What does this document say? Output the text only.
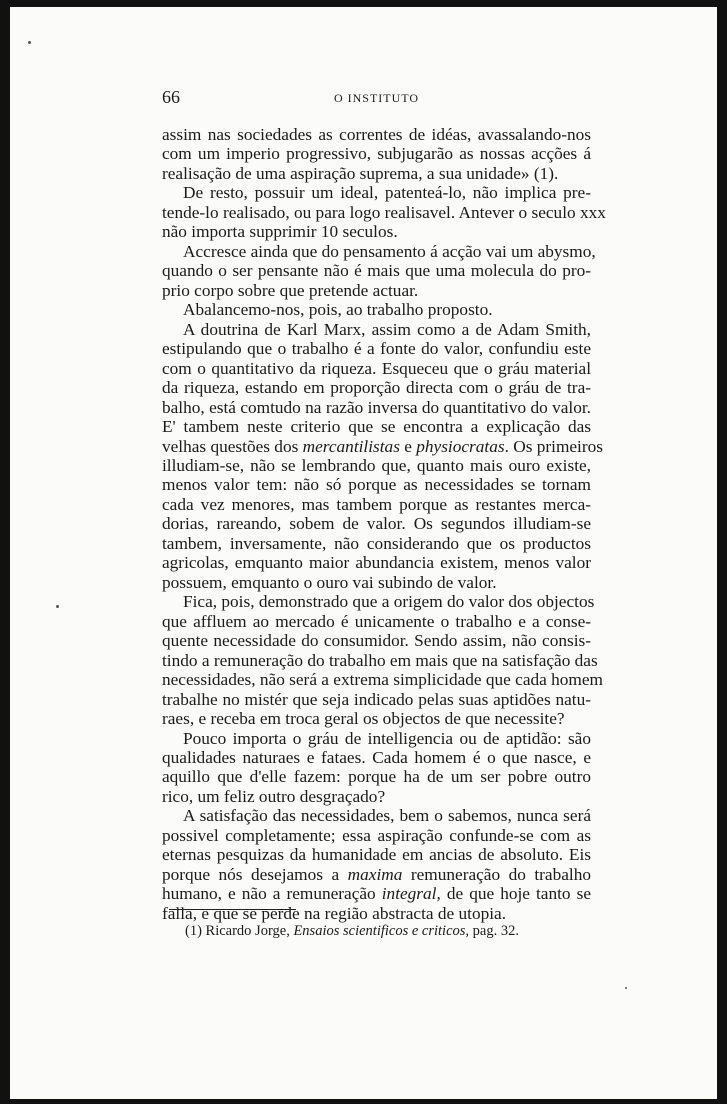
66	O INSTITUTO
assim nas sociedades as correntes de idéas, avassalando-nos
com um imperio progressivo, subjugarão as nossas acções á
realisação de uma aspiração suprema, a sua unidade» (1).
De resto, possuir um ideal, patenteá-lo, não implica pre-
tende-lo realisado, ou para logo realisavel. Antever o seculo xxx
não importa supprimir 10 seculos.
Accresce ainda que do pensamento á acção vai um abysmo,
quando o ser pensante não é mais que uma molecula do pro-
prio corpo sobre que pretende actuar.
Abalancemo-nos, pois, ao trabalho proposto.
A doutrina de Karl Marx, assim como a de Adam Smith,
estipulando que o trabalho é a fonte do valor, confundiu este
com o quantitativo da riqueza. Esqueceu que o gráu material
da riqueza, estando em proporção directa com o gráu de tra-
balho, está comtudo na razão inversa do quantitativo do valor.
E' tambem neste criterio que se encontra a explicação das
velhas questões dos mercantilistas e physiocratas. Os primeiros
illudiam-se, não se lembrando que, quanto mais ouro existe,
menos valor tem: não só porque as necessidades se tornam
cada vez menores, mas tambem porque as restantes merca-
dorias, rareando, sobem de valor. Os segundos illudiam-se
tambem, inversamente, não considerando que os productos
agricolas, emquanto maior abundancia existem, menos valor
possuem, emquanto o ouro vai subindo de valor.
Fica, pois, demonstrado que a origem do valor dos objectos
que affluem ao mercado é unicamente o trabalho e a conse-
quente necessidade do consumidor. Sendo assim, não consis-
tindo a remuneração do trabalho em mais que na satisfação das
necessidades, não será a extrema simplicidade que cada homem
trabalhe no mistér que seja indicado pelas suas aptidões natu-
raes, e receba em troca geral os objectos de que necessite?
Pouco importa o gráu de intelligencia ou de aptidão: são
qualidades naturaes e fataes. Cada homem é o que nasce, e
aquillo que d'elle fazem: porque ha de um ser pobre outro
rico, um feliz outro desgraçado?
A satisfação das necessidades, bem o sabemos, nunca será
possivel completamente; essa aspiração confunde-se com as
eternas pesquizas da humanidade em ancias de absoluto. Eis
porque nós desejamos a maxima remuneração do trabalho
humano, e não a remuneração integral, de que hoje tanto se
falla, e que se perde na região abstracta de utopia.
(1) Ricardo Jorge, Ensaios scientificos e criticos, pag. 32.
